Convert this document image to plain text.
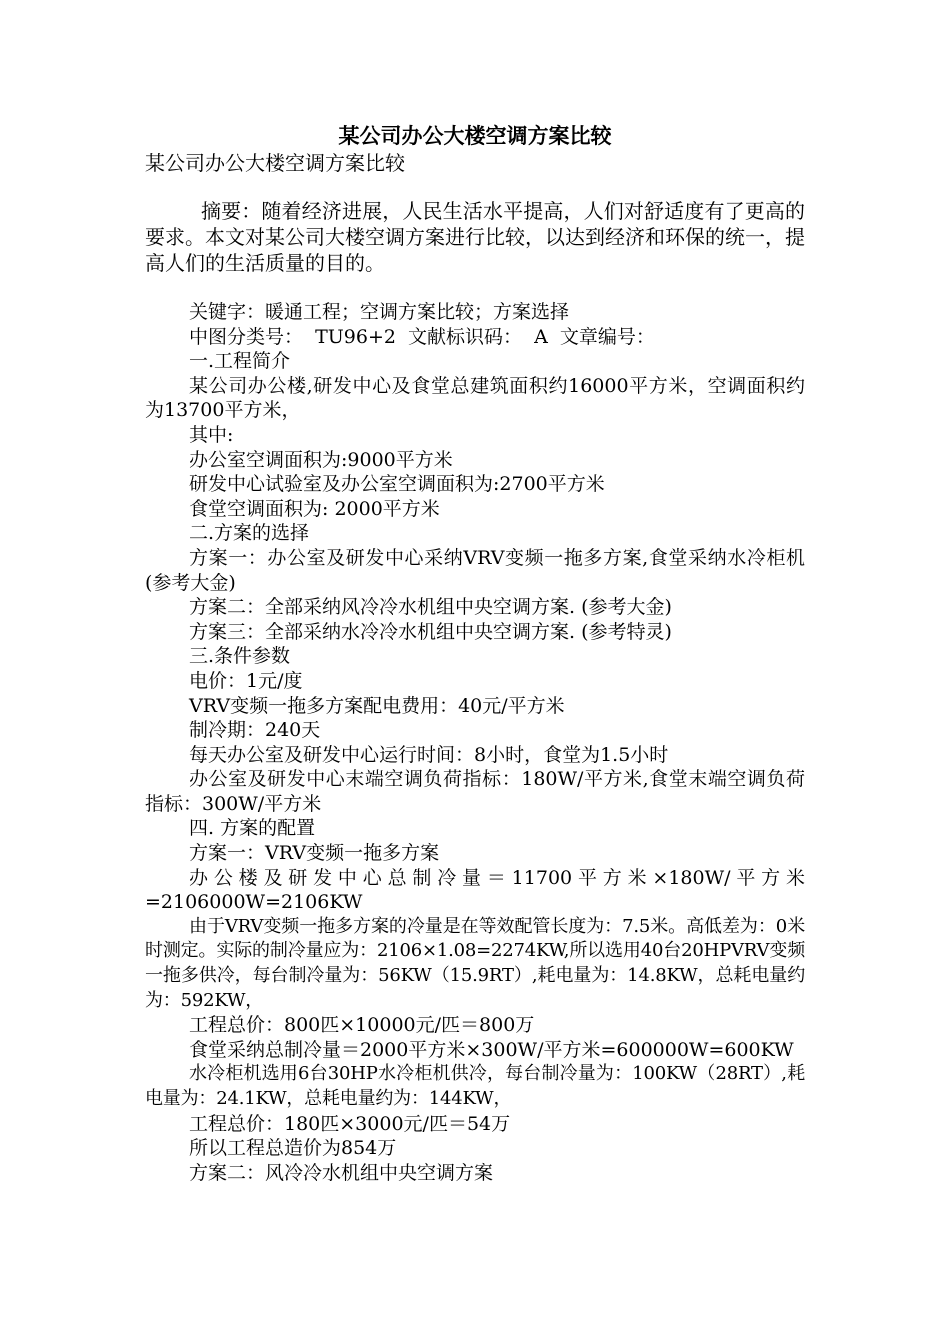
某公司办公大楼空调方案比较

某公司办公大楼空调方案比较

摘要：随着经济进展，人民生活水平提高，人们对舒适度有了更高的要求。本文对某公司大楼空调方案进行比较，以达到经济和环保的统一，提高人们的生活质量的目的。

关键字：暖通工程；空调方案比较；方案选择

中图分类号：  TU96+2  文献标识码：  A  文章编号：

一.工程简介

某公司办公楼,研发中心及食堂总建筑面积约16000平方米，空调面积约为13700平方米，

其中:

办公室空调面积为:9000平方米

研发中心试验室及办公室空调面积为:2700平方米

食堂空调面积为: 2000平方米

二.方案的选择

方案一：办公室及研发中心采纳VRV变频一拖多方案,食堂采纳水冷柜机(参考大金)

方案二：全部采纳风冷冷水机组中央空调方案. (参考大金)

方案三：全部采纳水冷冷水机组中央空调方案. (参考特灵)

三.条件参数

电价：1元/度

VRV变频一拖多方案配电费用：40元/平方米

制冷期：240天

每天办公室及研发中心运行时间：8小时，食堂为1.5小时

办公室及研发中心末端空调负荷指标：180W/平方米,食堂末端空调负荷指标：300W/平方米

四. 方案的配置

方案一：VRV变频一拖多方案

办公楼及研发中心总制冷量＝11700平方米×180W/平方米=2106000W=2106KW

由于VRV变频一拖多方案的冷量是在等效配管长度为：7.5米。高低差为：0米时测定。实际的制冷量应为：2106×1.08=2274KW,所以选用40台20HPVRV变频一拖多供冷，每台制冷量为：56KW（15.9RT）,耗电量为：14.8KW，总耗电量约为：592KW，

工程总价：800匹×10000元/匹＝800万

食堂采纳总制冷量＝2000平方米×300W/平方米=600000W=600KW

水冷柜机选用6台30HP水冷柜机供冷，每台制冷量为：100KW（28RT）,耗电量为：24.1KW，总耗电量约为：144KW，

工程总价：180匹×3000元/匹＝54万

所以工程总造价为854万

方案二：风冷冷水机组中央空调方案
